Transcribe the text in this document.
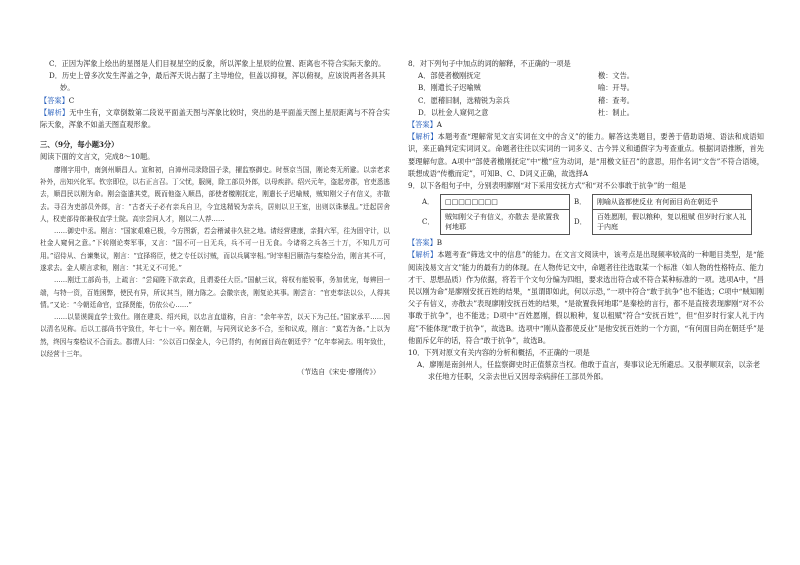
C．正因为浑象上绘出的星图是人们目视星空的反象，所以浑象上星辰的位置、距离也不符合实际天象的。

D．历史上曾多次发生浑盖之争，最后浑天说占据了主导地位，但盖以抑视，浑以俯视，应该说两者各具其妙。

【答案】C

【解析】无中生有，文章倒数第二段说平面盖天图与浑象比较时，突出的是平面盖天图上星辰距离与不符合实际天象，浑象不如盖天图直观形象。

三、（9分，每小题3分）

阅读下面的文言文，完成8～10题。

廖刚字用中，南剑州顺昌人。宣和初，自漳州司录除国子录，擢监察御史。时蔡京当国，刚论奏无所避。以亲老求补外，出知兴化军。钦宗即位，以右正言召。丁父忧，服阕，除工部员外郎，以母疾辞。绍兴元年，盗起旁郡，官吏悉逃去，顺昌民以刚为命。刚会盗遣其党，既而他盗入顺昌，部使者檄刚抚定，刚遣长子迟喻贼，贼知刚父子有信义，亦散去。寻召为吏部员外郎，言：“古者天子必有亲兵自卫，今宜选精锐为亲兵，居则以卫王室，出则以诛暴乱。”迁起居舍人，权吏部侍郎兼权直学士院。高宗尝问人才，刚以二人荐……

……御史中丞。刚言：“国家艰难已极，今方图新，若会稽诚非久驻之地。请经营建康，亲拥六军，往为固守计，以杜金人窥伺之意。”下转刚论奏军事，又言：“国不可一日无兵，兵不可一日无食。今诸将之兵各三十万，不知几万可用。”诏侍从、台谏集议，刚言：“宜择将臣，使之专任以讨贼，而以兵属宰相。”时宰相吕颐浩与秦桧分治，刚言其不可，遂求去。金人啧言求和，刚言：“其无义不可凭。”

……刚迁工部尚书，上疏言：“尝闻陛下欲亲政，且谓委任大臣。”国献三议，将权有能锐事，务加优宠，每辨回一端，与特一资，百姓困弊，使民有异，所议其当，刚力陈之。会徽宗丧，刚复论其事。刚尝言：“官吏奉法以公，人得其情。”又论：“今朝廷命官，宜择贤能，仿依公心……”

……以显谟阁直学士致仕。刚在建炎、绍兴间，以忠言直道称，自言：“余年辛苦，以天下为己任。”国家承平……因以清名见称。后以工部尚书守致仕，年七十一卒。刚在朝，与同列议论多不合，至和议成，刚言：“莫若为备。”上以为然，终因与秦桧议不合而去。郡谓人曰：“公以百口保金人，今已背约，有何面目尚在朝廷乎？”亿年奉祠去。明年致仕，以经营十三年。

（节选自《宋史·廖刚传》）

8．对下列句子中加点的词的解释，不正确的一项是

A．部使者檄刚抚定	檄：文告。
B．刚遣长子迟喻贼	喻：开导。
C．愿稽旧制，选精锐为亲兵	稽：查考。
D．以杜金人窥伺之意	杜：制止。

【答案】A

【解析】本题考查“理解常见文言实词在文中的含义”的能力。解答这类题目，要善于借助语境、语法和成语知识，来正确判定实词词义。命题者往往以实词的一词多义、古今异义和通假字为考查重点。根据词语推断，首先要理解句意。A项中“部使者檄刚抚定”中“檄”应为动词，是“用檄文征召”的意思，用作名词“文告”不符合语境，联想成语“传檄而定”，可知B、C、D词义正确，故选择A

9．以下各组句子中，分别表明廖刚“对下采用安抚方式”和“对不公事敢于抗争”的一组是

A．	□□□□□□□□	B．	刚喻从盗都使反业 有何面目尚在朝廷乎
C．	贼知刚父子有信义，亦散去 是欲置我何地耶	D．	百姓愿刚，假以粮种，复以租赋 但岁时行家人礼于内庭

【答案】B

【解析】本题考查“筛选文中的信息”的能力。在文言文阅读中，该考点是出现频率较高的一种题目类型，是“能阅读浅易文言文”能力的最有力的体现。在人物传记文中，命题者往往选取某一个标准（如人物的性格特点、能力才干、思想品质）作为依据，将若干个文句分编为四组，要求选出符合或不符合某种标准的一项。选项A中，“昌民以刚为命”是廖刚安抚百姓的结果，“虽谓即如此，何以示恐，”一项中符合“敢于抗争”也不能选；C项中“贼知刚父子有信义，亦散去”表现廖刚安抚百姓的结果，“是欲置我何地耶”是秦桧的言行，都不是直接表现廖刚“对不公事敢于抗争”，也不能选；D项中“百姓愿刚，假以粮种，复以租赋”符合“安抚百姓”，但“但岁时行家人礼于内庭”不能体现“敢于抗争”，故选B。选项中“刚从盗都使反业”是他安抚百姓的一个方面，“有何面目尚在朝廷乎”是他面斥亿年的话，符合“敢于抗争”，故选B。

10．下列对原文有关内容的分析和概括，不正确的一项是

A．廖刚是南剑州人，任监察御史时正值蔡京当权。他敢于直言，奏事议论无所避忌。又很孝顺双亲，以亲老求任地方任职，父亲去世后又因母亲病辞任工部员外郎。
